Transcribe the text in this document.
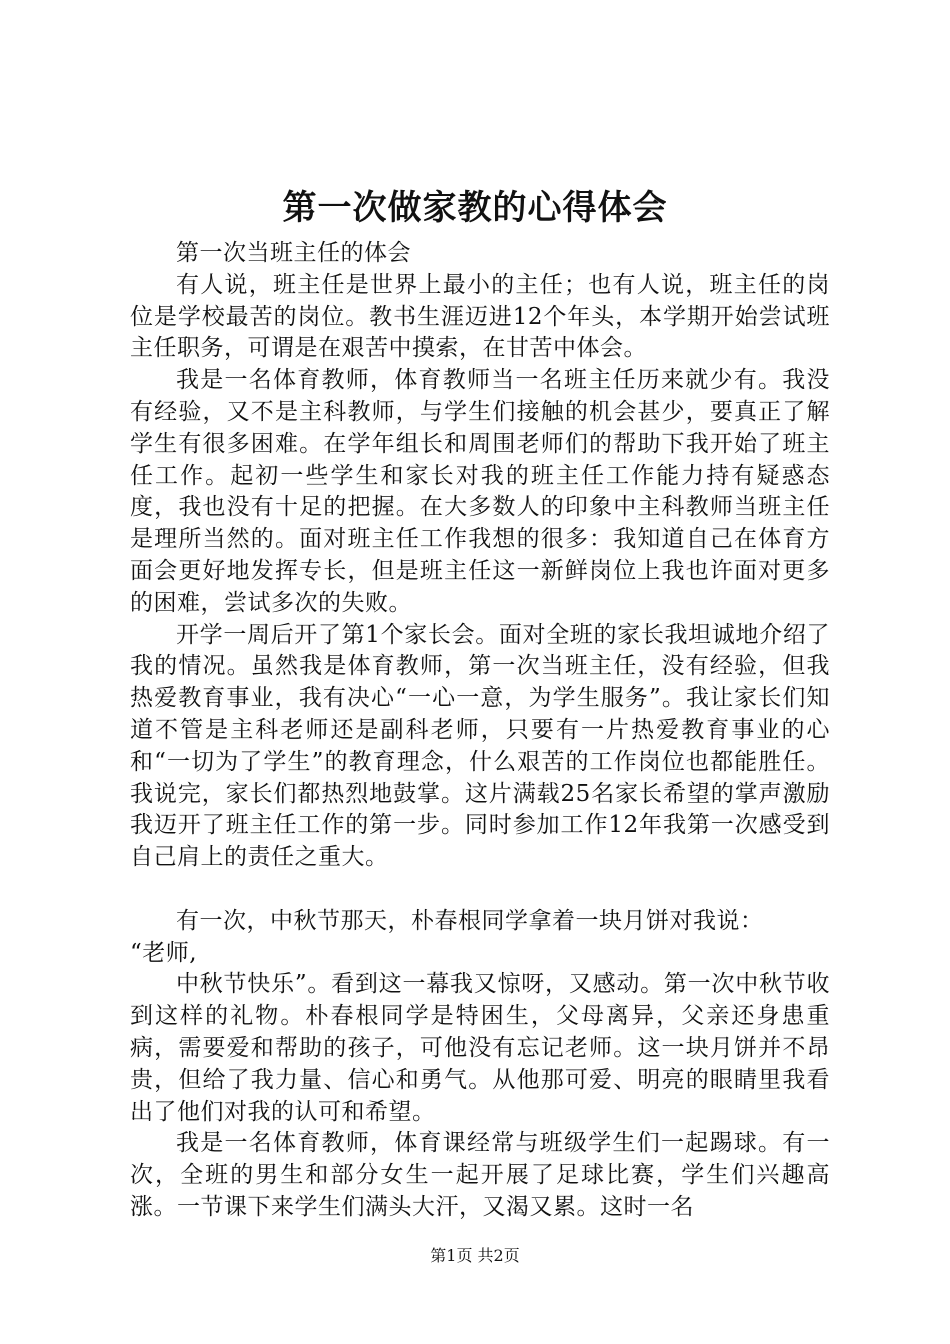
第一次做家教的心得体会

第一次当班主任的体会

有人说，班主任是世界上最小的主任；也有人说，班主任的岗位是学校最苦的岗位。教书生涯迈进12个年头，本学期开始尝试班主任职务，可谓是在艰苦中摸索，在甘苦中体会。

我是一名体育教师，体育教师当一名班主任历来就少有。我没有经验，又不是主科教师，与学生们接触的机会甚少，要真正了解学生有很多困难。在学年组长和周围老师们的帮助下我开始了班主任工作。起初一些学生和家长对我的班主任工作能力持有疑惑态度，我也没有十足的把握。在大多数人的印象中主科教师当班主任是理所当然的。面对班主任工作我想的很多：我知道自己在体育方面会更好地发挥专长，但是班主任这一新鲜岗位上我也许面对更多的困难，尝试多次的失败。

开学一周后开了第1个家长会。面对全班的家长我坦诚地介绍了我的情况。虽然我是体育教师，第一次当班主任，没有经验，但我热爱教育事业，我有决心“一心一意，为学生服务”。我让家长们知道不管是主科老师还是副科老师，只要有一片热爱教育事业的心和“一切为了学生”的教育理念，什么艰苦的工作岗位也都能胜任。我说完，家长们都热烈地鼓掌。这片满载25名家长希望的掌声激励我迈开了班主任工作的第一步。同时参加工作12年我第一次感受到自己肩上的责任之重大。

有一次，中秋节那天，朴春根同学拿着一块月饼对我说：

“老师,

中秋节快乐”。看到这一幕我又惊呀，又感动。第一次中秋节收到这样的礼物。朴春根同学是特困生，父母离异，父亲还身患重病，需要爱和帮助的孩子，可他没有忘记老师。这一块月饼并不昂贵，但给了我力量、信心和勇气。从他那可爱、明亮的眼睛里我看出了他们对我的认可和希望。

我是一名体育教师，体育课经常与班级学生们一起踢球。有一次，全班的男生和部分女生一起开展了足球比赛，学生们兴趣高涨。一节课下来学生们满头大汗，又渴又累。这时一名

第1页 共2页
